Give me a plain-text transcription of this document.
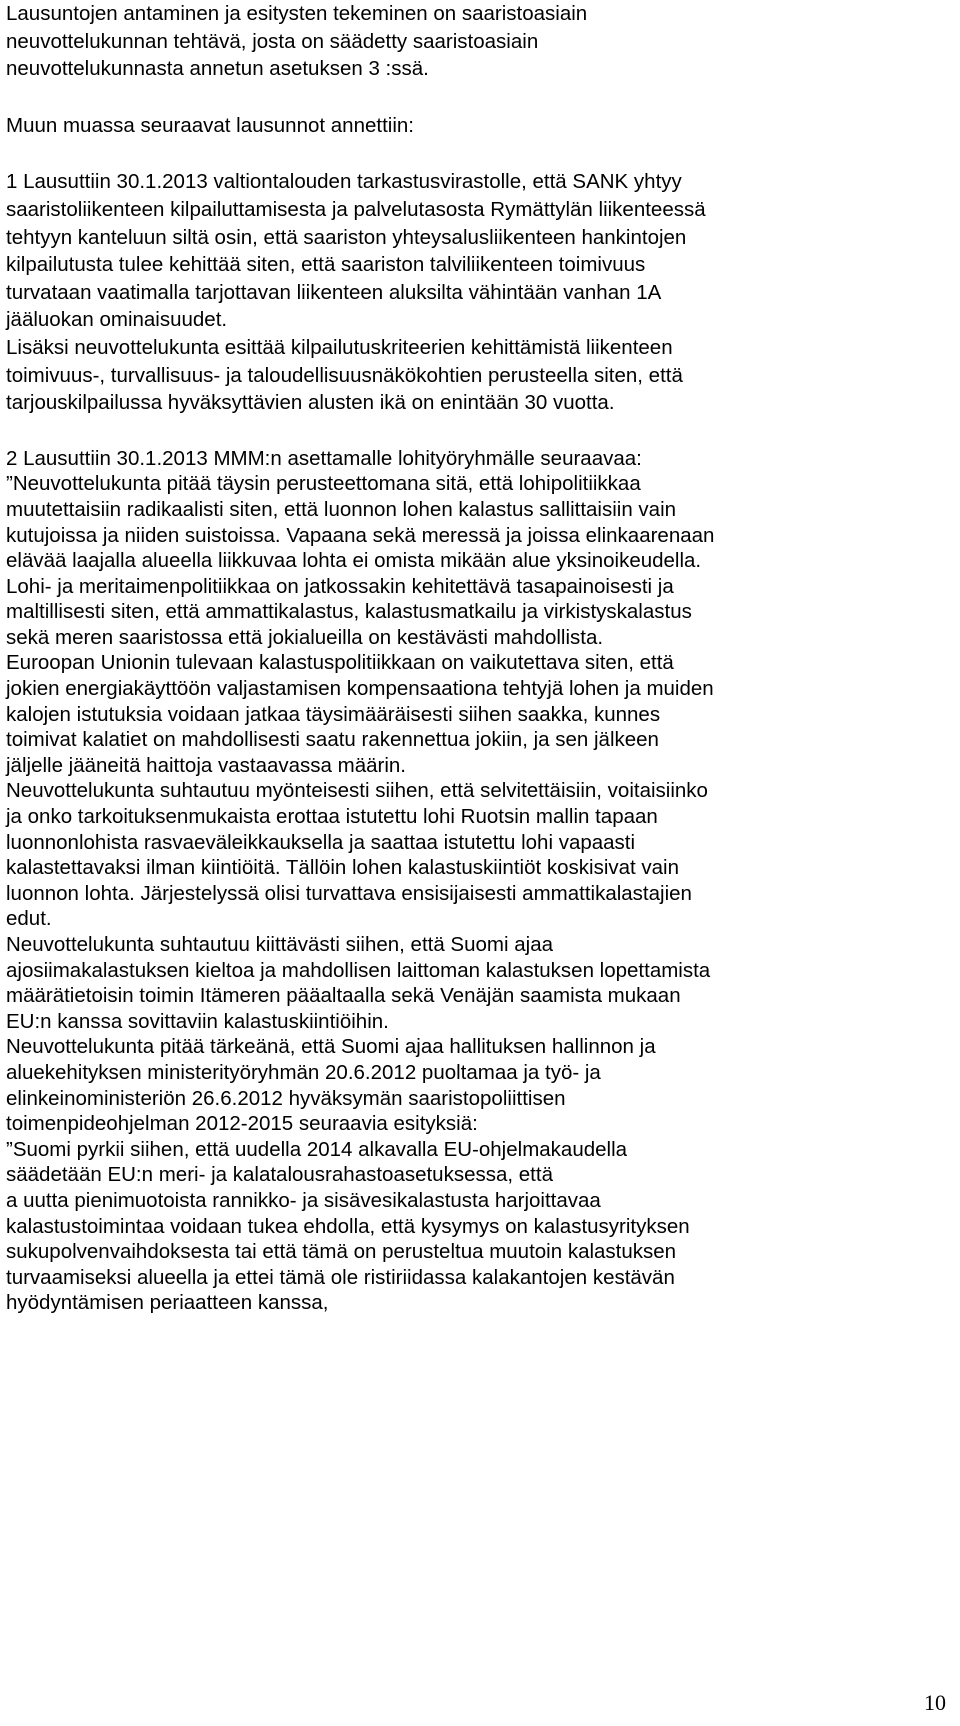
Lausuntojen antaminen ja esitysten tekeminen on saaristoasiain
neuvottelukunnan tehtävä, josta on säädetty saaristoasiain
neuvottelukunnasta annetun asetuksen 3 :ssä.
Muun muassa seuraavat lausunnot annettiin:
1 Lausuttiin 30.1.2013 valtiontalouden tarkastusvirastolle, että SANK yhtyy
saaristoliikenteen kilpailuttamisesta ja palvelutasosta Rymättylän liikenteessä
tehtyyn kanteluun siltä osin, että saariston yhteysalusliikenteen hankintojen
kilpailutusta tulee kehittää siten, että saariston talviliikenteen toimivuus
turvataan vaatimalla tarjottavan liikenteen aluksilta vähintään vanhan 1A
jääluokan ominaisuudet.
Lisäksi neuvottelukunta esittää kilpailutuskriteerien kehittämistä liikenteen
toimivuus-, turvallisuus- ja taloudellisuusnäkökohtien perusteella siten, että
tarjouskilpailussa hyväksyttävien alusten ikä on enintään 30 vuotta.
2 Lausuttiin 30.1.2013 MMM:n asettamalle lohityöryhmälle seuraavaa:
”Neuvottelukunta pitää täysin perusteettomana sitä, että lohipolitiikkaa
muutettaisiin radikaalisti siten, että luonnon lohen kalastus sallittaisiin vain
kutujoissa ja niiden suistoissa. Vapaana sekä meressä ja joissa elinkaarenaan
elävää laajalla alueella liikkuvaa lohta ei omista mikään alue yksinoikeudella.
Lohi- ja meritaimenpolitiikkaa on jatkossakin kehitettävä tasapainoisesti ja
maltillisesti siten, että ammattikalastus, kalastusmatkailu ja virkistyskalastus
sekä meren saaristossa että jokialueilla on kestävästi mahdollista.
Euroopan Unionin tulevaan kalastuspolitiikkaan on vaikutettava siten, että
jokien energiakäyttöön valjastamisen kompensaationa tehtyjä lohen ja muiden
kalojen istutuksia voidaan jatkaa täysimääräisesti siihen saakka, kunnes
toimivat kalatiet on mahdollisesti saatu rakennettua jokiin, ja sen jälkeen
jäljelle jääneitä haittoja vastaavassa määrin.
Neuvottelukunta suhtautuu myönteisesti siihen, että selvitettäisiin, voitaisiinko
ja onko tarkoituksenmukaista erottaa istutettu lohi Ruotsin mallin tapaan
luonnonlohista rasvaeväleikkauksella ja saattaa istutettu lohi vapaasti
kalastettavaksi ilman kiintiöitä. Tällöin lohen kalastuskiintiöt koskisivat vain
luonnon lohta. Järjestelyssä olisi turvattava ensisijaisesti ammattikalastajien
edut.
Neuvottelukunta suhtautuu kiittävästi siihen, että Suomi ajaa
ajosiimakalastuksen kieltoa ja mahdollisen laittoman kalastuksen lopettamista
määrätietoisin toimin Itämeren pääaltaalla sekä Venäjän saamista mukaan
EU:n kanssa sovittaviin kalastuskiintiöihin.
Neuvottelukunta pitää tärkeänä, että Suomi ajaa hallituksen hallinnon ja
aluekehityksen ministerityöryhmän 20.6.2012 puoltamaa ja työ- ja
elinkeinoministeriön 26.6.2012 hyväksymän saaristopoliittisen
toimenpideohjelman 2012-2015 seuraavia esityksiä:
”Suomi pyrkii siihen, että uudella 2014 alkavalla EU-ohjelmakaudella
säädetään EU:n meri- ja kalatalousrahastoasetuksessa, että
a uutta pienimuotoista rannikko- ja sisävesikalastusta harjoittavaa
kalastustoimintaa voidaan tukea ehdolla, että kysymys on kalastusyrityksen
sukupolvenvaihdoksesta tai että tämä on perusteltua muutoin kalastuksen
turvaamiseksi alueella ja ettei tämä ole ristiriidassa kalakantojen kestävän
hyödyntämisen periaatteen kanssa,
10
